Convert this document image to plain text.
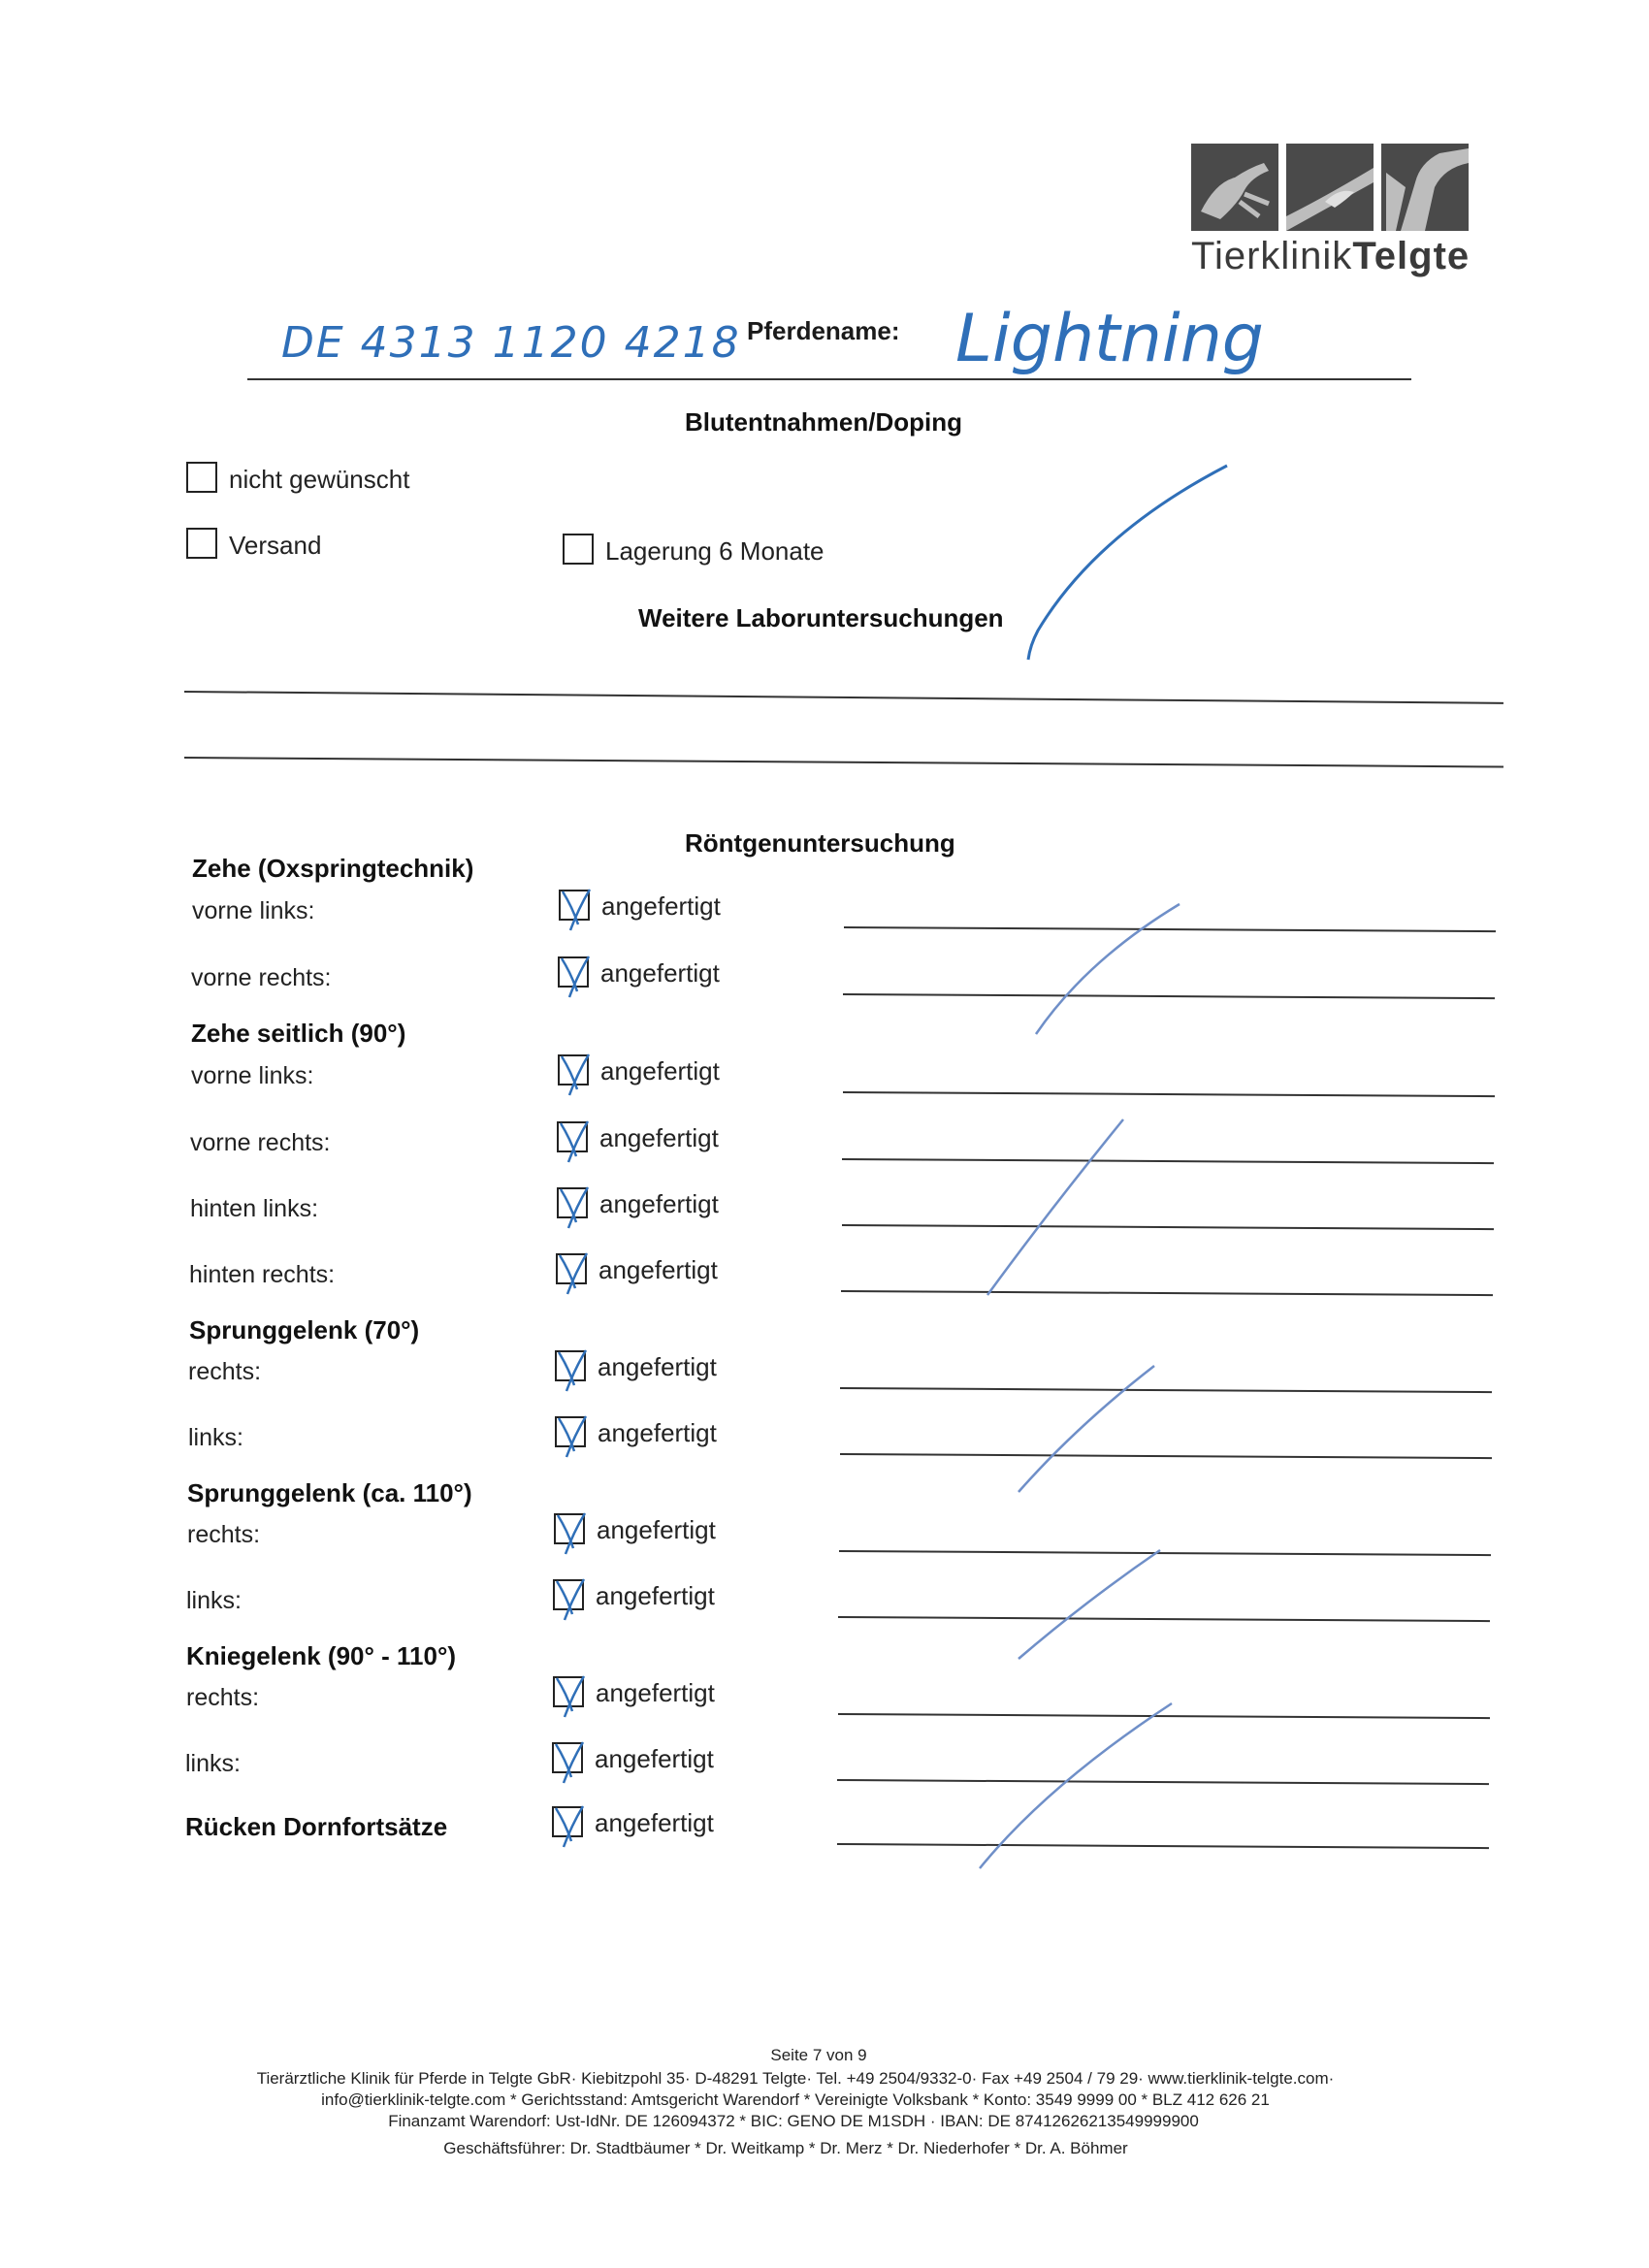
TierklinikTelgte
DE 4313 1120 4218 Pferdename: Lightning
Blutentnahmen/Doping
nicht gewünscht
Versand	Lagerung 6 Monate
Weitere Laboruntersuchungen
Röntgenuntersuchung
Zehe (Oxspringtechnik)
vorne links:	angefertigt
vorne rechts:	angefertigt
Zehe seitlich (90°)
vorne links:	angefertigt
vorne rechts:	angefertigt
hinten links:	angefertigt
hinten rechts:	angefertigt
Sprunggelenk (70°)
rechts:	angefertigt
links:	angefertigt
Sprunggelenk (ca. 110°)
rechts:	angefertigt
links:	angefertigt
Kniegelenk (90° - 110°)
rechts:	angefertigt
links:	angefertigt
Rücken Dornfortsätze	angefertigt
Seite 7 von 9
Tierärztliche Klinik für Pferde in Telgte GbR· Kiebitzpohl 35· D-48291 Telgte· Tel. +49 2504/9332-0· Fax +49 2504 / 79 29· www.tierklinik-telgte.com·
info@tierklinik-telgte.com * Gerichtsstand: Amtsgericht Warendorf * Vereinigte Volksbank * Konto: 3549 9999 00 * BLZ 412 626 21
Finanzamt Warendorf: Ust-IdNr. DE 126094372 * BIC: GENO DE M1SDH · IBAN: DE 87412626213549999900
Geschäftsführer: Dr. Stadtbäumer * Dr. Weitkamp * Dr. Merz * Dr. Niederhofer * Dr. A. Böhmer
